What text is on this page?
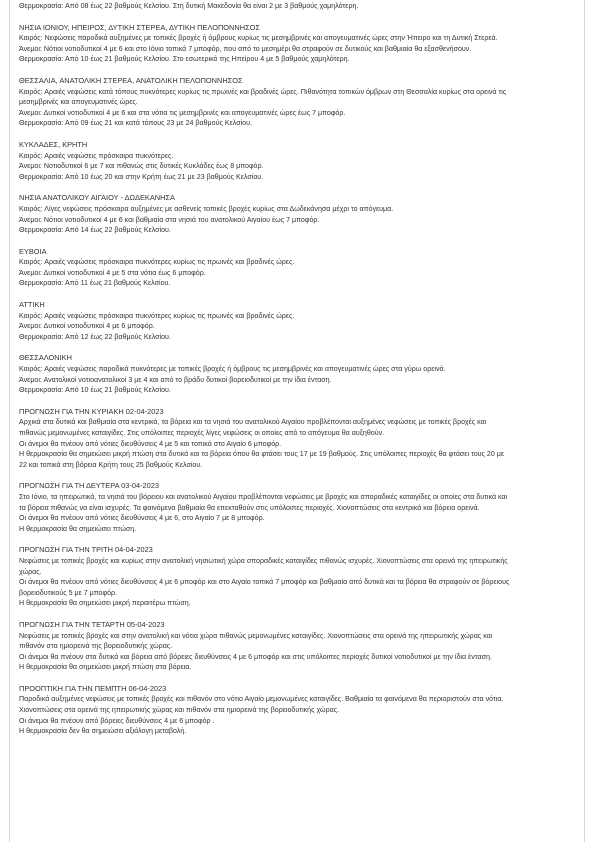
Θερμοκρασία: Από 08 έως 22 βαθμούς Κελσίου. Στη δυτική Μακεδονία θα είναι 2 με 3 βαθμούς χαμηλότερη.
ΝΗΣΙΑ ΙΟΝΙΟΥ, ΗΠΕΙΡΟΣ, ΔΥΤΙΚΗ ΣΤΕΡΕΑ, ΔΥΤΙΚΗ ΠΕΛΟΠΟΝΝΗΣΟΣ
Καιρός: Νεφώσεις παροδικά αυξημένες με τοπικές βροχές ή όμβρους κυρίως τις μεσημβρινές και απογευματινές ώρες στην Ήπειρο και τη Δυτική Στερεά.
Άνεμοι: Νότιοι νοτιοδυτικοί 4 με 6 και στο Ιόνιο τοπικά 7 μποφόρ, που από το μεσημέρι θα στραφούν σε δυτικούς και βαθμιαία θα εξασθενήσουν.
Θερμοκρασία: Από 10 έως 21 βαθμούς Κελσίου. Στο εσωτερικό της Ηπείρου 4 με 5 βαθμούς χαμηλότερη.
ΘΕΣΣΑΛΙΑ, ΑΝΑΤΟΛΙΚΗ ΣΤΕΡΕΑ, ΑΝΑΤΟΛΙΚΗ ΠΕΛΟΠΟΝΝΗΣΟΣ
Καιρός: Αραιές νεφώσεις κατά τόπους πυκνότερες κυρίως τις πρωινές και βραδινές ώρες. Πιθανότητα τοπικών όμβρων στη Θεσσαλία κυρίως στα ορεινά τις
μεσημβρινές και απογευματινές ώρες.
Άνεμοι: Δυτικοί νοτιοδυτικοί 4 με 6 και στα νότια τις μεσημβρινές και απογευματινές ώρες έως 7 μποφόρ.
Θερμοκρασία: Από 09 έως 21 και κατά τόπους 23 με 24 βαθμούς Κελσίου.
ΚΥΚΛΑΔΕΣ, ΚΡΗΤΗ
Καιρός: Αραιές νεφώσεις πρόσκαιρα πυκνότερες.
Άνεμοι: Νοτιοδυτικοί 6 με 7 και πιθανώς στις δυτικές Κυκλάδες έως 8 μποφόρ.
Θερμοκρασία: Από 10 έως 20 και στην Κρήτη έως 21 με 23 βαθμούς Κελσίου.
ΝΗΣΙΑ ΑΝΑΤΟΛΙΚΟΥ ΑΙΓΑΙΟΥ - ΔΩΔΕΚΑΝΗΣΑ
Καιρός: Λίγες νεφώσεις πρόσκαιρα αυξημένες με ασθενείς τοπικές βροχές κυρίως στα Δωδεκάνησα μέχρι το απόγευμα.
Άνεμοι: Νότιοι νοτιοδυτικοί 4 με 6 και βαθμιαία στα νησιά του ανατολικού Αιγαίου έως 7 μποφόρ.
Θερμοκρασία: Από 14 έως 22 βαθμούς Κελσίου.
ΕΥΒΟΙΑ
Καιρός: Αραιές νεφώσεις πρόσκαιρα πυκνότερες κυρίως τις πρωινές και βραδινές ώρες.
Άνεμοι: Δυτικοί νοτιοδυτικοί 4 με 5 στα νότια έως 6 μποφόρ.
Θερμοκρασία: Από 11 έως 21 βαθμούς Κελσίου.
ΑΤΤΙΚΗ
Καιρός: Αραιές νεφώσεις πρόσκαιρα πυκνότερες κυρίως τις πρωινές και βραδινές ώρες.
Άνεμοι: Δυτικοί νοτιοδυτικοί 4 με 6 μποφόρ.
Θερμοκρασία: Από 12 έως 22 βαθμούς Κελσίου.
ΘΕΣΣΑΛΟΝΙΚΗ
Καιρός: Αραιές νεφώσεις παροδικά πυκνότερες με τοπικές βροχές ή όμβρους τις μεσημβρινές και απογευματινές ώρες στα γύρω ορεινά.
Άνεμοι: Ανατολικοί νοτιοανατολικοί 3 με 4 και από το βράδυ δυτικοί βορειοδυτικοί με την ίδια ένταση.
Θερμοκρασία: Από 10 έως 21 βαθμούς Κελσίου.
ΠΡΟΓΝΩΣΗ ΓΙΑ ΤΗΝ ΚΥΡΙΑΚΗ 02-04-2023
Αρχικά στα δυτικά και βαθμιαία στα κεντρικά, τα βόρεια και τα νησιά του ανατολικού Αιγαίου προβλέπονται αυξημένες νεφώσεις με τοπικές βροχές και
πιθανώς μεμονωμένες καταιγίδες. Στις υπόλοιπες περιοχές λίγες νεφώσεις οι οποίες από το απόγευμα θα αυξηθούν.
Οι άνεμοι θα πνέουν από νότιες διευθύνσεις 4 με 5 και τοπικά στο Αιγαίο 6 μποφόρ.
Η θερμοκρασία θα σημειώσει μικρή πτώση στα δυτικά και τα βόρεια όπου θα φτάσει τους 17 με 19 βαθμούς. Στις υπόλοιπες περιοχές θα φτάσει τους 20 με
22 και τοπικά στη βόρεια Κρήτη τους 25 βαθμούς Κελσίου.
ΠΡΟΓΝΩΣΗ ΓΙΑ ΤΗ ΔΕΥΤΕΡΑ 03-04-2023
Στο Ιόνιο, τα ηπειρωτικά, τα νησιά του βόρειου και ανατολικού Αιγαίου προβλέπονται νεφώσεις με βροχές και σποραδικές καταιγίδες οι οποίες στα δυτικά και
τα βόρεια πιθανώς να είναι ισχυρές. Τα φαινόμενα βαθμιαία θα επεκταθούν στις υπόλοιπες περιοχές. Χιονοπτώσεις στα κεντρικά και βόρεια ορεινά.
Οι άνεμοι θα πνέουν από νότιες διευθύνσεις 4 με 6, στο Αιγαίο 7 με 8 μποφόρ.
Η θερμοκρασία θα σημειώσει πτώση.
ΠΡΟΓΝΩΣΗ ΓΙΑ ΤΗΝ ΤΡΙΤΗ 04-04-2023
Νεφώσεις με τοπικές βροχές και κυρίως στην ανατολική νησιωτική χώρα σποραδικές καταιγίδες πιθανώς ισχυρές. Χιονοπτώσεις στα ορεινά της ηπειρωτικής
χώρας.
Οι άνεμοι θα πνέουν από νότιες διευθύνσεις 4 με 6 μποφόρ και στο Αιγαίο τοπικά 7 μποφόρ και βαθμιαία από δυτικά και τα βόρεια θα στραφούν σε βόρειους
βορειοδυτικούς 5 με 7 μποφόρ.
Η θερμοκρασία θα σημειώσει μικρή περαιτέρω πτώση.
ΠΡΟΓΝΩΣΗ ΓΙΑ ΤΗΝ ΤΕΤΑΡΤΗ 05-04-2023
Νεφώσεις με τοπικές βροχές και στην ανατολική και νότια χώρα πιθανώς μεμονωμένες καταιγίδες. Χιονοπτώσεις στα ορεινά της ηπειρωτικής χώρας και
πιθανόν στα ημιορεινά της βορειοδυτικής χώρας.
Οι άνεμοι θα πνέουν στα δυτικά και βόρεια από βόρειες διευθύνσεις 4 με 6 μποφόρ και στις υπόλοιπες περιοχές δυτικοί νοτιοδυτικοί με την ίδια ένταση.
Η θερμοκρασία θα σημειώσει μικρή πτώση στα βόρεια.
ΠΡΟΟΠΤΙΚΗ ΓΙΑ ΤΗΝ ΠΕΜΠΤΗ 06-04-2023
Παροδικά αυξημένες νεφώσεις με τοπικές βροχές και πιθανόν στο νότιο Αιγαίο μεμονωμένες καταιγίδες. Βαθμιαία τα φαινόμενα θα περιοριστούν στα νότια.
Χιονοπτώσεις στα ορεινά της ηπειρωτικής χώρας και πιθανόν στα ημιορεινά της βορειοδυτικής χώρας.
Οι άνεμοι θα πνέουν από βόρειες διευθύνσεις 4 με 6 μποφόρ .
Η θερμοκρασία δεν θα σημειώσει αξιόλογη μεταβολή.
